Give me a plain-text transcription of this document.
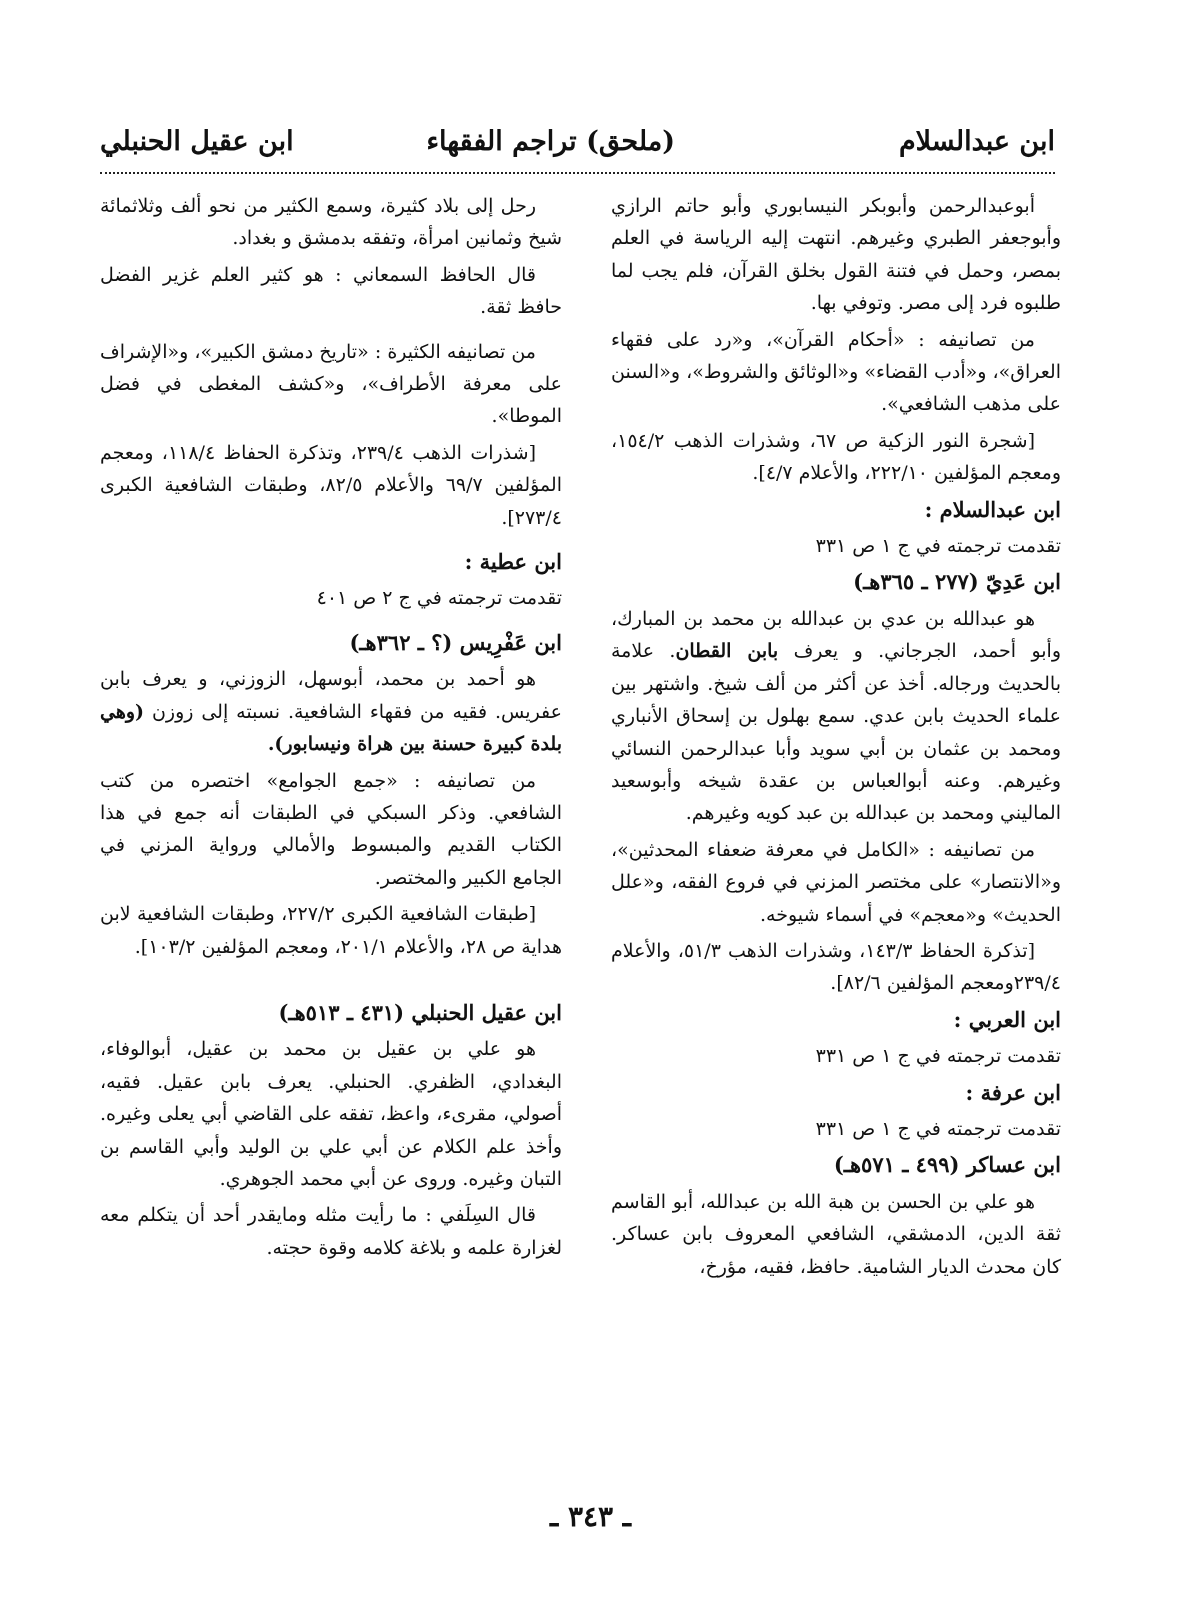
ابن عبدالسلام
(ملحق) تراجم الفقهاء
ابن عقيل الحنبلي

أبوعبدالرحمن وأبوبكر النيسابوري وأبو حاتم الرازي وأبوجعفر الطبري وغيرهم. انتهت إليه الرياسة في العلم بمصر، وحمل في فتنة القول بخلق القرآن، فلم يجب لما طلبوه فرد إلى مصر. وتوفي بها.

من تصانيفه : «أحكام القرآن»، و«رد على فقهاء العراق»، و«أدب القضاء» و«الوثائق والشروط»، و«السنن على مذهب الشافعي».

[شجرة النور الزكية ص ٦٧، وشذرات الذهب ١٥٤/٢، ومعجم المؤلفين ٢٢٢/١٠، والأعلام ٤/٧].

ابن عبدالسلام :

تقدمت ترجمته في ج ١ ص ٣٣١

ابن عَدِيّ (٢٧٧ ـ ٣٦٥هـ)

هو عبدالله بن عدي بن عبدالله بن محمد بن المبارك، وأبو أحمد، الجرجاني. و يعرف بابن القطان. علامة بالحديث ورجاله. أخذ عن أكثر من ألف شيخ. واشتهر بين علماء الحديث بابن عدي. سمع بهلول بن إسحاق الأنباري ومحمد بن عثمان بن أبي سويد وأبا عبدالرحمن النسائي وغيرهم. وعنه أبوالعباس بن عقدة شيخه وأبوسعيد الماليني ومحمد بن عبدالله بن عبد كويه وغيرهم.

من تصانيفه : «الكامل في معرفة ضعفاء المحدثين»، و«الانتصار» على مختصر المزني في فروع الفقه، و«علل الحديث» و«معجم» في أسماء شيوخه.

[تذكرة الحفاظ ١٤٣/٣، وشذرات الذهب ٥١/٣، والأعلام ٢٣٩/٤ومعجم المؤلفين ٨٢/٦].

ابن العربي :

تقدمت ترجمته في ج ١ ص ٣٣١

ابن عرفة :

تقدمت ترجمته في ج ١ ص ٣٣١

ابن عساكر (٤٩٩ ـ ٥٧١هـ)

هو علي بن الحسن بن هبة الله بن عبدالله، أبو القاسم ثقة الدين، الدمشقي، الشافعي المعروف بابن عساكر. كان محدث الديار الشامية. حافظ، فقيه، مؤرخ،

رحل إلى بلاد كثيرة، وسمع الكثير من نحو ألف وثلاثمائة شيخ وثمانين امرأة، وتفقه بدمشق و بغداد.

قال الحافظ السمعاني : هو كثير العلم غزير الفضل حافظ ثقة.

من تصانيفه الكثيرة : «تاريخ دمشق الكبير»، و«الإشراف على معرفة الأطراف»، و«كشف المغطى في فضل الموطا».

[شذرات الذهب ٢٣٩/٤، وتذكرة الحفاظ ١١٨/٤، ومعجم المؤلفين ٦٩/٧ والأعلام ٨٢/٥، وطبقات الشافعية الكبرى ٢٧٣/٤].

ابن عطية :

تقدمت ترجمته في ج ٢ ص ٤٠١

ابن عَفْرِيس (؟ ـ ٣٦٢هـ)

هو أحمد بن محمد، أبوسهل، الزوزني، و يعرف بابن عفريس. فقيه من فقهاء الشافعية. نسبته إلى زوزن (وهي بلدة كبيرة حسنة بين هراة ونيسابور).

من تصانيفه : «جمع الجوامع» اختصره من كتب الشافعي. وذكر السبكي في الطبقات أنه جمع في هذا الكتاب القديم والمبسوط والأمالي ورواية المزني في الجامع الكبير والمختصر.

[طبقات الشافعية الكبرى ٢٢٧/٢، وطبقات الشافعية لابن هداية ص ٢٨، والأعلام ٢٠١/١، ومعجم المؤلفين ١٠٣/٢].

ابن عقيل الحنبلي (٤٣١ ـ ٥١٣هـ)

هو علي بن عقيل بن محمد بن عقيل، أبوالوفاء، البغدادي، الظفري. الحنبلي. يعرف بابن عقيل. فقيه، أصولي، مقرىء، واعظ، تفقه على القاضي أبي يعلى وغيره. وأخذ علم الكلام عن أبي علي بن الوليد وأبي القاسم بن التبان وغيره. وروى عن أبي محمد الجوهري.

قال السِلَفي : ما رأيت مثله ومايقدر أحد أن يتكلم معه لغزارة علمه و بلاغة كلامه وقوة حجته.

ـ ٣٤٣ ـ
